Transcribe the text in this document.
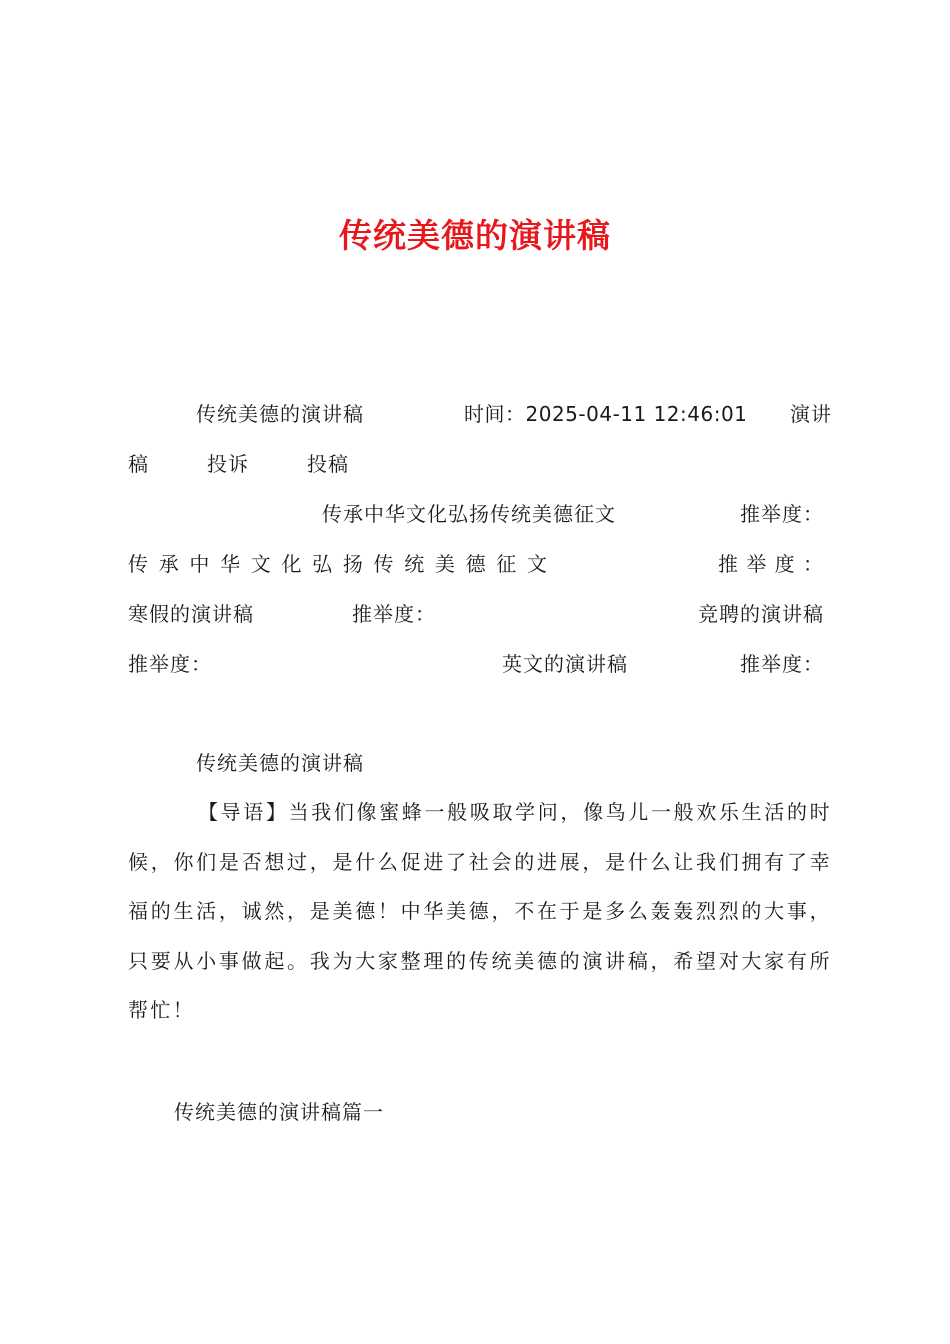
传统美德的演讲稿
传统美德的演讲稿	时间：2025-04-11 12:46:01 演讲
稿	投诉	投稿
传承中华文化弘扬传统美德征文	推举度：
传 承 中 华 文 化 弘 扬 传 统 美 德 征 文	推 举 度 ：
寒假的演讲稿	推举度：	竞聘的演讲稿
推举度：	英文的演讲稿	推举度：
传统美德的演讲稿
【导语】当我们像蜜蜂一般吸取学问，像鸟儿一般欢乐生活的时候，你们是否想过，是什么促进了社会的进展，是什么让我们拥有了幸福的生活，诚然，是美德！中华美德，不在于是多么轰轰烈烈的大事，只要从小事做起。我为大家整理的传统美德的演讲稿，希望对大家有所帮忙！
传统美德的演讲稿篇一
